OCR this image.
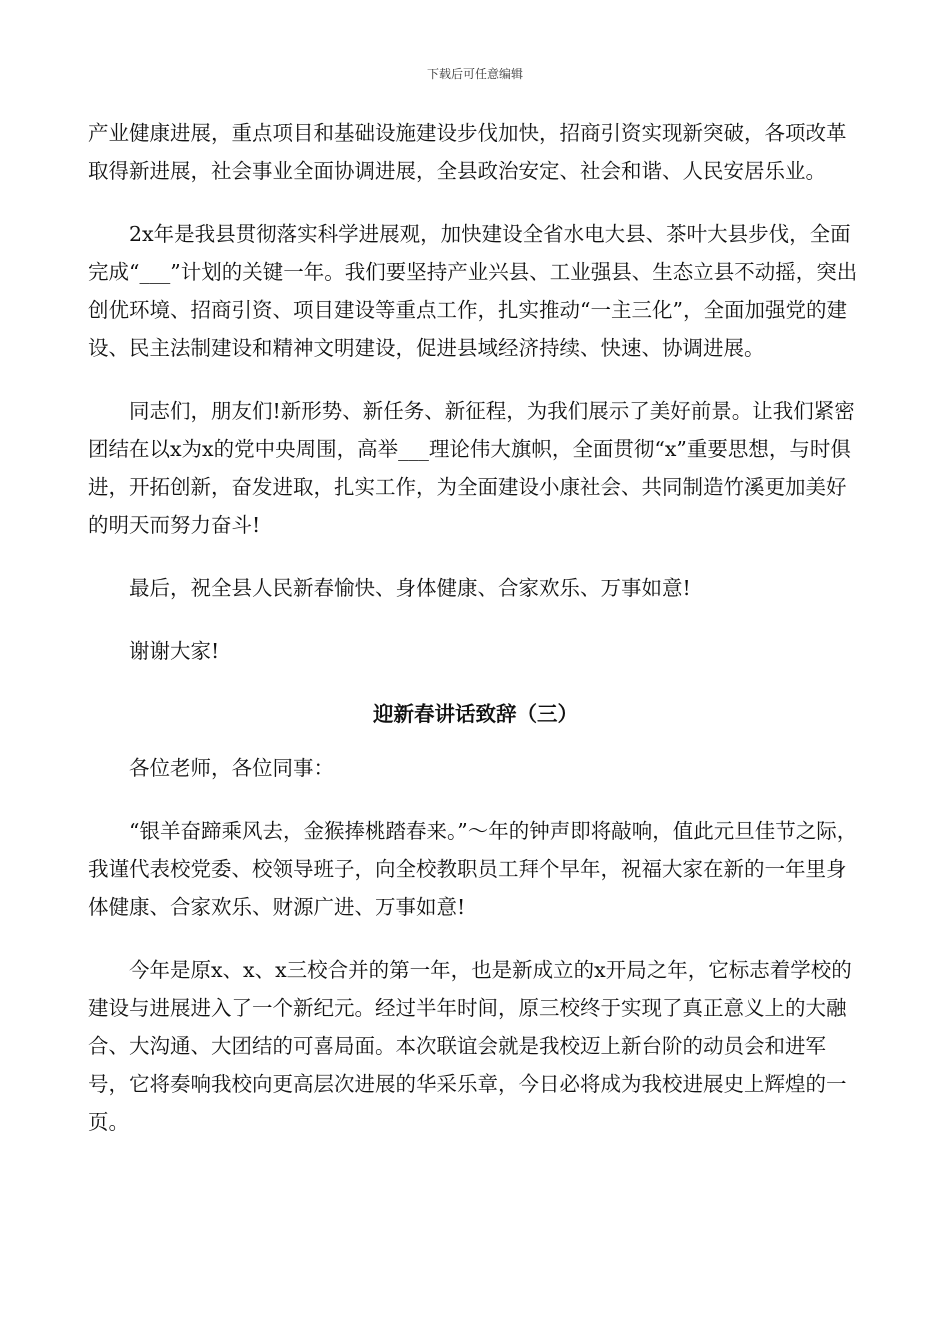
下载后可任意编辑

产业健康进展，重点项目和基础设施建设步伐加快，招商引资实现新突破，各项改革取得新进展，社会事业全面协调进展，全县政治安定、社会和谐、人民安居乐业。

2x年是我县贯彻落实科学进展观，加快建设全省水电大县、茶叶大县步伐，全面完成“___”计划的关键一年。我们要坚持产业兴县、工业强县、生态立县不动摇，突出创优环境、招商引资、项目建设等重点工作，扎实推动“一主三化”，全面加强党的建设、民主法制建设和精神文明建设，促进县域经济持续、快速、协调进展。

同志们，朋友们!新形势、新任务、新征程，为我们展示了美好前景。让我们紧密团结在以x为x的党中央周围，高举___理论伟大旗帜，全面贯彻“x”重要思想，与时俱进，开拓创新，奋发进取，扎实工作，为全面建设小康社会、共同制造竹溪更加美好的明天而努力奋斗!

最后，祝全县人民新春愉快、身体健康、合家欢乐、万事如意!

谢谢大家!

迎新春讲话致辞（三）

各位老师，各位同事：

“银羊奋蹄乘风去，金猴捧桃踏春来。”～年的钟声即将敲响，值此元旦佳节之际，我谨代表校党委、校领导班子，向全校教职员工拜个早年，祝福大家在新的一年里身体健康、合家欢乐、财源广进、万事如意!

今年是原x、x、x三校合并的第一年，也是新成立的x开局之年，它标志着学校的建设与进展进入了一个新纪元。经过半年时间，原三校终于实现了真正意义上的大融合、大沟通、大团结的可喜局面。本次联谊会就是我校迈上新台阶的动员会和进军号，它将奏响我校向更高层次进展的华采乐章，今日必将成为我校进展史上辉煌的一页。
